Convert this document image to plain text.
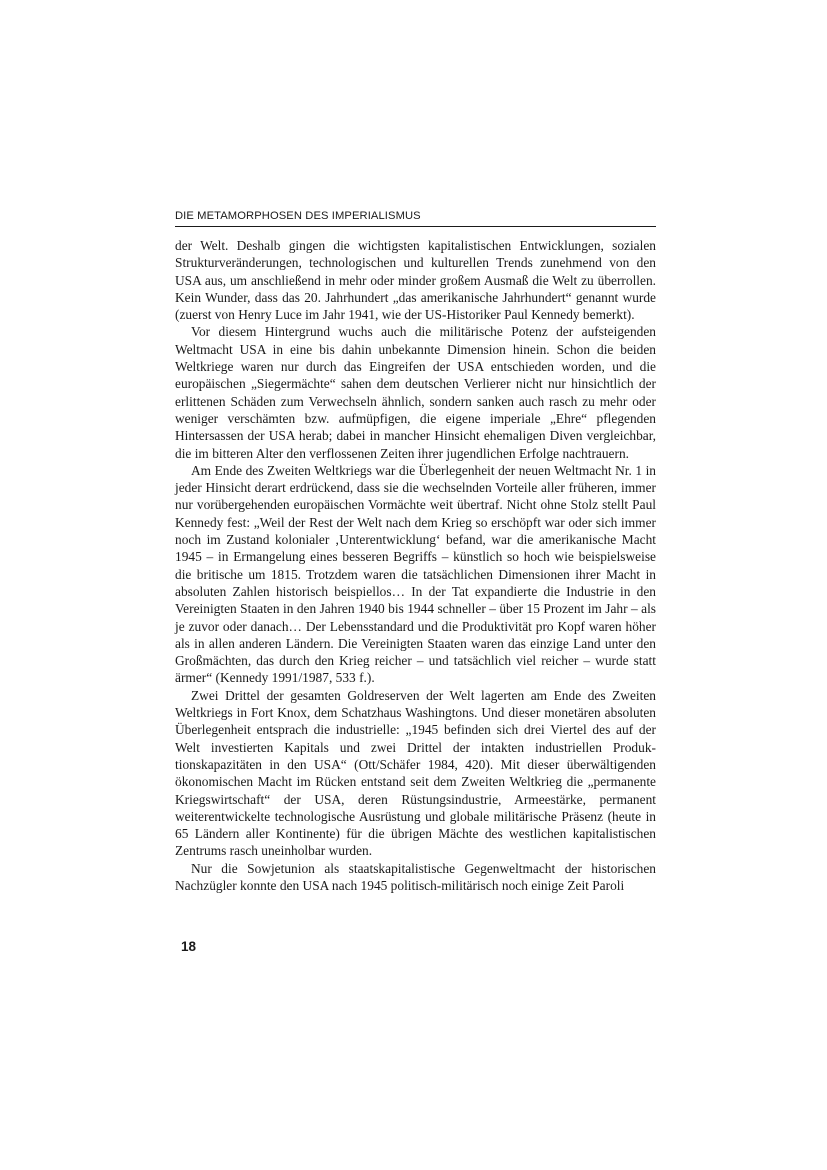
DIE METAMORPHOSEN DES IMPERIALISMUS

der Welt. Deshalb gingen die wichtigsten kapitalistischen Entwicklungen, sozialen Strukturveränderungen, technologischen und kulturellen Trends zunehmend von den USA aus, um anschließend in mehr oder minder großem Ausmaß die Welt zu überrollen. Kein Wunder, dass das 20. Jahrhundert „das amerikanische Jahrhundert“ genannt wurde (zuerst von Henry Luce im Jahr 1941, wie der US-Historiker Paul Kennedy bemerkt).

Vor diesem Hintergrund wuchs auch die militärische Potenz der aufsteigenden Weltmacht USA in eine bis dahin unbekannte Dimension hinein. Schon die beiden Weltkriege waren nur durch das Eingreifen der USA entschieden worden, und die europäischen „Siegermächte“ sahen dem deutschen Verlierer nicht nur hinsichtlich der erlittenen Schäden zum Verwechseln ähnlich, sondern sanken auch rasch zu mehr oder weniger verschämten bzw. aufmüpfigen, die eigene imperiale „Ehre“ pflegenden Hintersassen der USA herab; dabei in mancher Hinsicht ehemaligen Diven vergleichbar, die im bitteren Alter den verflossenen Zeiten ihrer jugendlichen Erfolge nachtrauern.

Am Ende des Zweiten Weltkriegs war die Überlegenheit der neuen Weltmacht Nr. 1 in jeder Hinsicht derart erdrückend, dass sie die wechselnden Vorteile aller früheren, immer nur vorübergehenden europäischen Vormächte weit übertraf. Nicht ohne Stolz stellt Paul Kennedy fest: „Weil der Rest der Welt nach dem Krieg so erschöpft war oder sich immer noch im Zustand kolonialer ‚Unterentwicklung‘ befand, war die amerikanische Macht 1945 – in Ermangelung eines besseren Begriffs – künstlich so hoch wie beispielsweise die britische um 1815. Trotzdem waren die tatsächlichen Dimensionen ihrer Macht in absoluten Zahlen historisch beispiellos… In der Tat expandierte die Industrie in den Vereinigten Staaten in den Jahren 1940 bis 1944 schneller – über 15 Prozent im Jahr – als je zuvor oder danach… Der Lebensstandard und die Produktivität pro Kopf waren höher als in allen anderen Ländern. Die Vereinigten Staaten waren das einzige Land unter den Großmächten, das durch den Krieg reicher – und tatsächlich viel reicher – wurde statt ärmer“ (Kennedy 1991/1987, 533 f.).

Zwei Drittel der gesamten Goldreserven der Welt lagerten am Ende des Zweiten Weltkriegs in Fort Knox, dem Schatzhaus Washingtons. Und dieser monetären absoluten Überlegenheit entsprach die industrielle: „1945 befinden sich drei Viertel des auf der Welt investierten Kapitals und zwei Drittel der intakten industriellen Produktionskapazitäten in den USA“ (Ott/Schäfer 1984, 420). Mit dieser überwältigenden ökonomischen Macht im Rücken entstand seit dem Zweiten Weltkrieg die „permanente Kriegswirtschaft“ der USA, deren Rüstungsindustrie, Armeestärke, permanent weiterentwickelte technologische Ausrüstung und globale militärische Präsenz (heute in 65 Ländern aller Kontinente) für die übrigen Mächte des westlichen kapitalistischen Zentrums rasch uneinholbar wurden.

Nur die Sowjetunion als staatskapitalistische Gegenweltmacht der historischen Nachzügler konnte den USA nach 1945 politisch-militärisch noch einige Zeit Paroli

18
